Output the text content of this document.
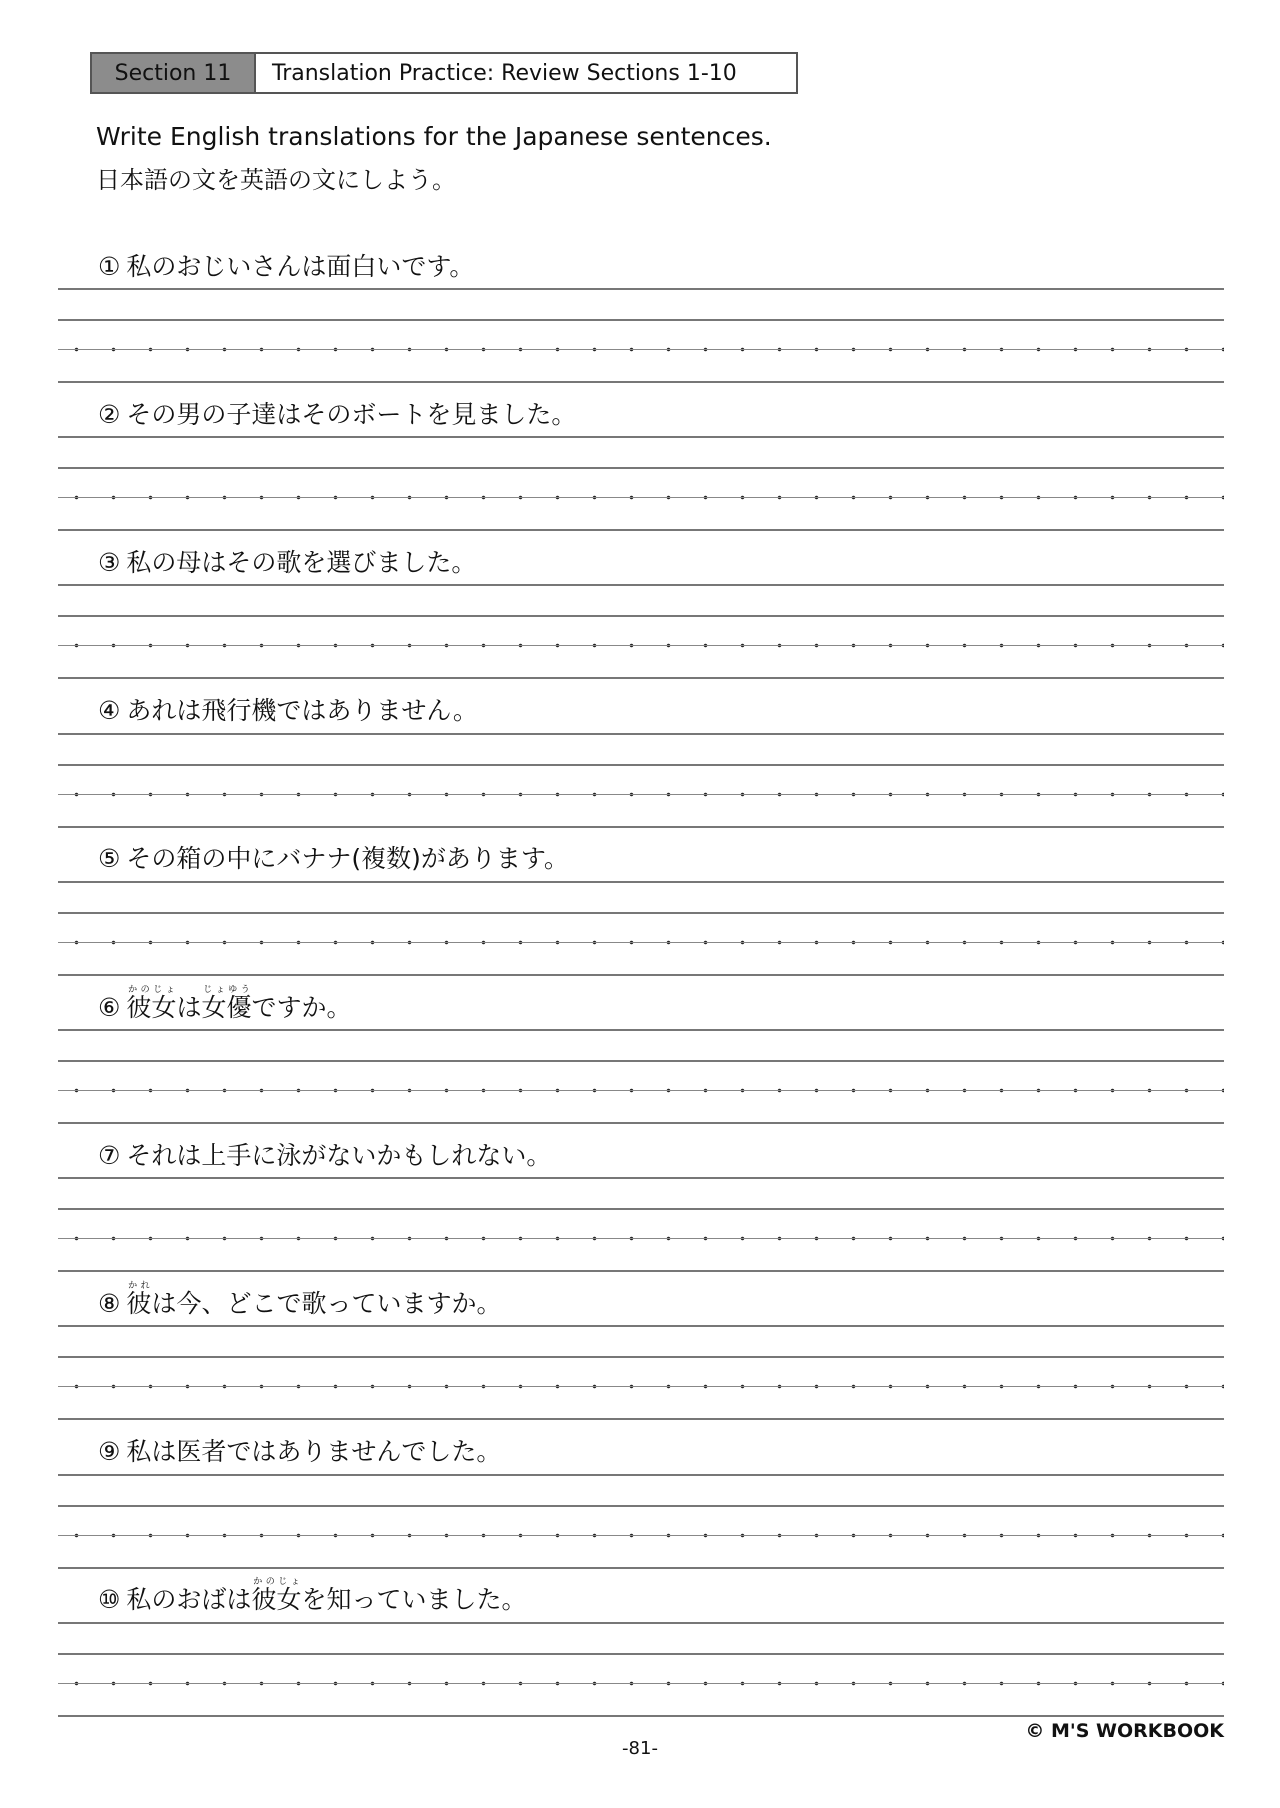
Section 11	Translation Practice: Review Sections 1-10
Write English translations for the Japanese sentences.
日本語の文を英語の文にしよう。
① 私のおじいさんは面白いです。
② その男の子達はそのボートを見ました。
③ 私の母はその歌を選びました。
④ あれは飛行機ではありません。
⑤ その箱の中にバナナ(複数)があります。
⑥ 彼かの女じょは女じょ優ゆうですか。
⑦ それは上手に泳がないかもしれない。
⑧ 彼かれは今、どこで歌っていますか。
⑨ 私は医者ではありませんでした。
⑩ 私のおばは彼かの女じょを知っていました。
© M'S WORKBOOK
-81-
